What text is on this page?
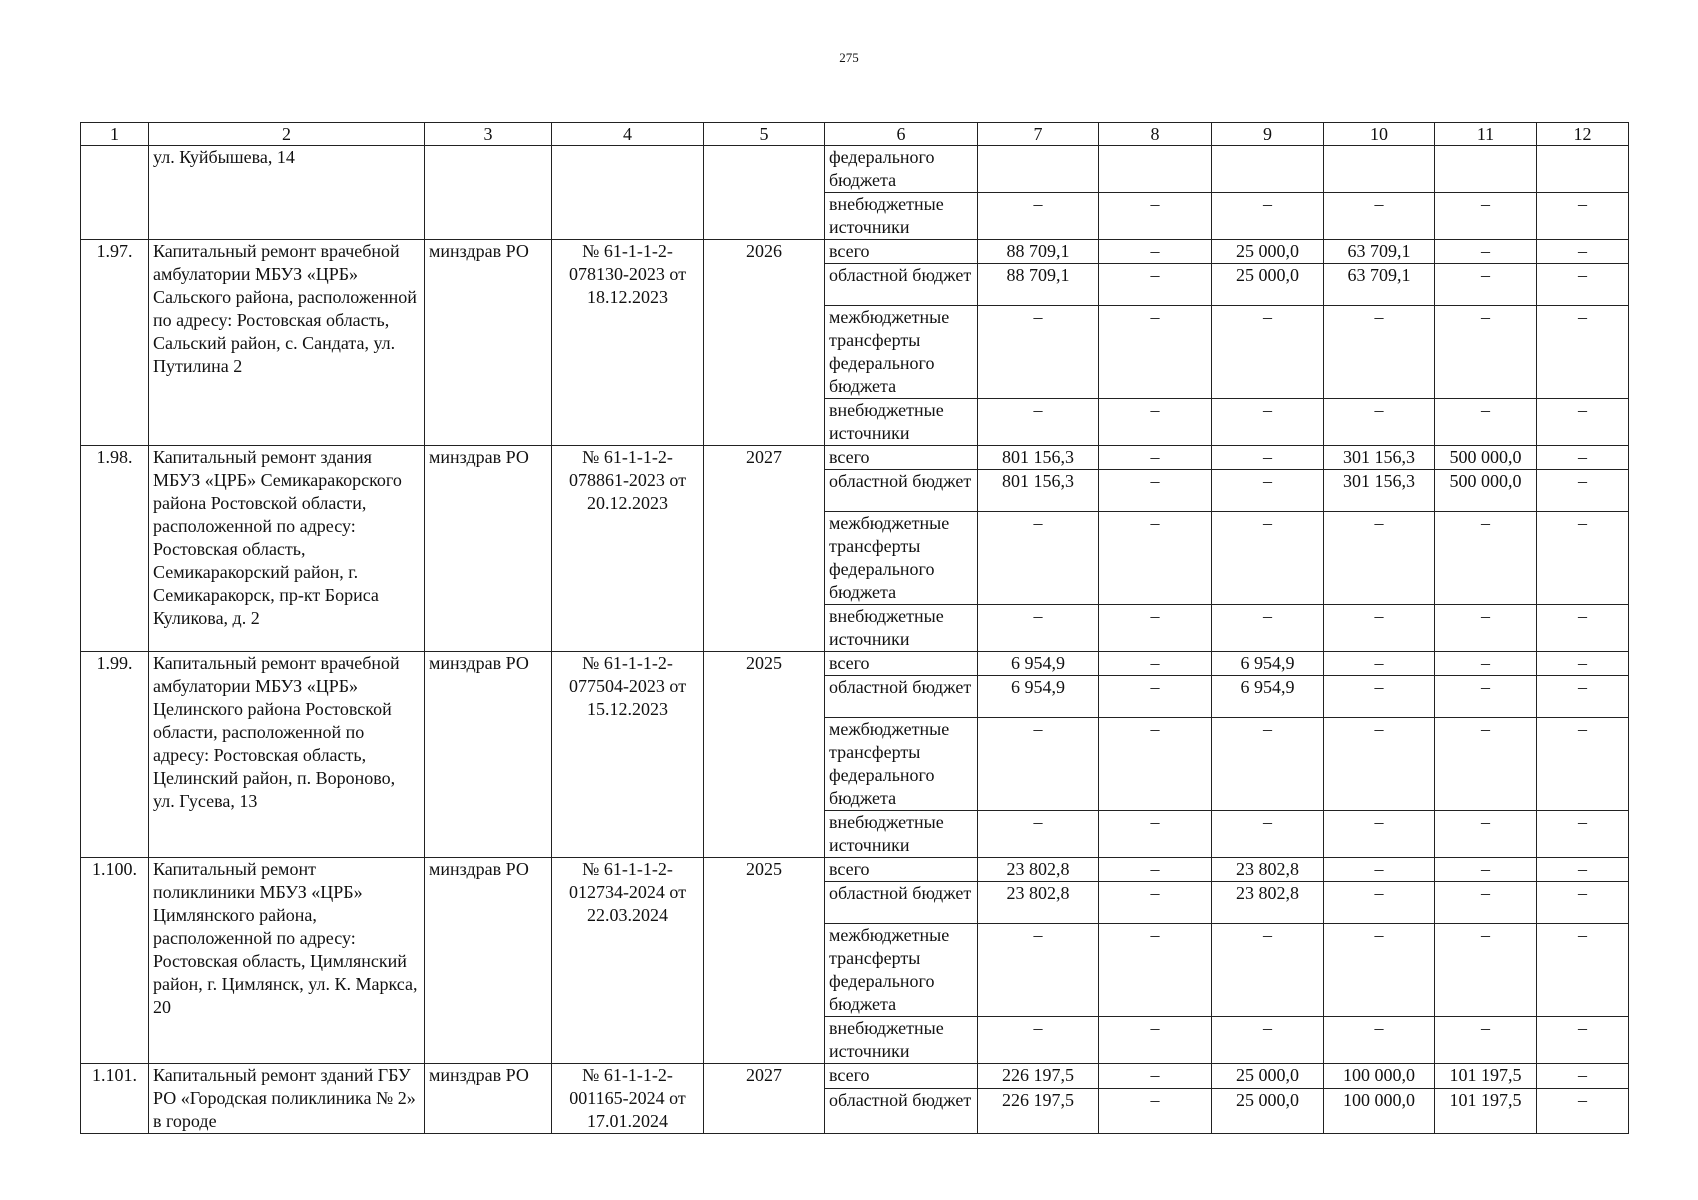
275
1	2	3	4	5	6	7	8	9	10	11	12
	ул. Куйбышева, 14				федерального бюджета						
					внебюджетные источники	–	–	–	–	–	–
1.97.	Капитальный ремонт врачебной амбулатории МБУЗ «ЦРБ» Сальского района, расположенной по адресу: Ростовская область, Сальский район, с. Сандата, ул. Путилина 2	минздрав РО	№ 61-1-1-2-078130-2023 от 18.12.2023	2026	всего	88 709,1	–	25 000,0	63 709,1	–	–
					областной бюджет	88 709,1	–	25 000,0	63 709,1	–	–
					межбюджетные трансферты федерального бюджета	–	–	–	–	–	–
					внебюджетные источники	–	–	–	–	–	–
1.98.	Капитальный ремонт здания МБУЗ «ЦРБ» Семикаракорского района Ростовской области, расположенной по адресу: Ростовская область, Семикаракорский район, г. Семикаракорск, пр-кт Бориса Куликова, д. 2	минздрав РО	№ 61-1-1-2-078861-2023 от 20.12.2023	2027	всего	801 156,3	–	–	301 156,3	500 000,0	–
					областной бюджет	801 156,3	–	–	301 156,3	500 000,0	–
					межбюджетные трансферты федерального бюджета	–	–	–	–	–	–
					внебюджетные источники	–	–	–	–	–	–
1.99.	Капитальный ремонт врачебной амбулатории МБУЗ «ЦРБ» Целинского района Ростовской области, расположенной по адресу: Ростовская область, Целинский район, п. Вороново, ул. Гусева, 13	минздрав РО	№ 61-1-1-2-077504-2023 от 15.12.2023	2025	всего	6 954,9	–	6 954,9	–	–	–
					областной бюджет	6 954,9	–	6 954,9	–	–	–
					межбюджетные трансферты федерального бюджета	–	–	–	–	–	–
					внебюджетные источники	–	–	–	–	–	–
1.100.	Капитальный ремонт поликлиники МБУЗ «ЦРБ» Цимлянского района, расположенной по адресу: Ростовская область, Цимлянский район, г. Цимлянск, ул. К. Маркса, 20	минздрав РО	№ 61-1-1-2-012734-2024 от 22.03.2024	2025	всего	23 802,8	–	23 802,8	–	–	–
					областной бюджет	23 802,8	–	23 802,8	–	–	–
					межбюджетные трансферты федерального бюджета	–	–	–	–	–	–
					внебюджетные источники	–	–	–	–	–	–
1.101.	Капитальный ремонт зданий ГБУ РО «Городская поликлиника № 2» в городе	минздрав РО	№ 61-1-1-2-001165-2024 от 17.01.2024	2027	всего	226 197,5	–	25 000,0	100 000,0	101 197,5	–
					областной бюджет	226 197,5	–	25 000,0	100 000,0	101 197,5	–
